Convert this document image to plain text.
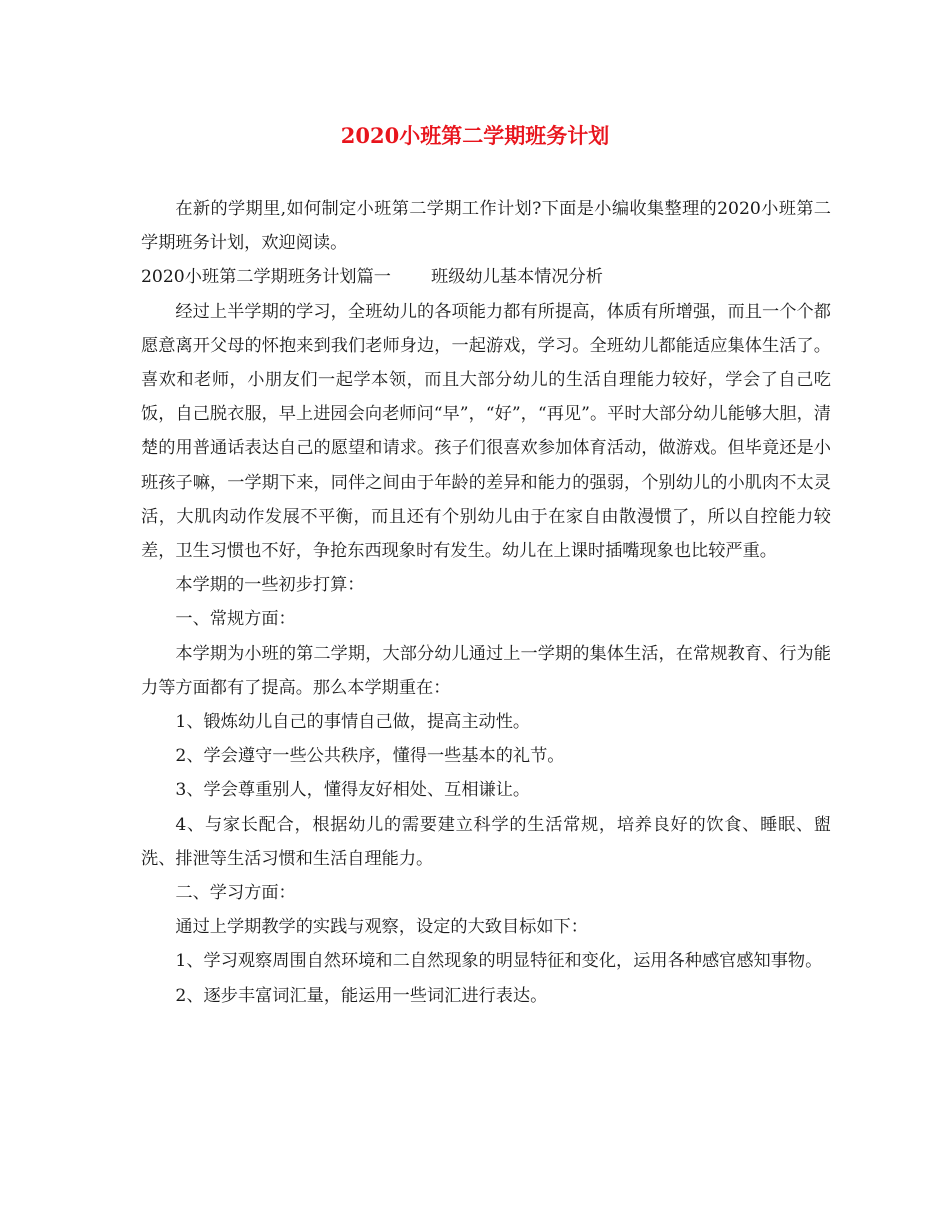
2020小班第二学期班务计划

在新的学期里,如何制定小班第二学期工作计划?下面是小编收集整理的2020小班第二学期班务计划，欢迎阅读。

2020小班第二学期班务计划篇一 班级幼儿基本情况分析

经过上半学期的学习，全班幼儿的各项能力都有所提高，体质有所增强，而且一个个都愿意离开父母的怀抱来到我们老师身边，一起游戏，学习。全班幼儿都能适应集体生活了。喜欢和老师，小朋友们一起学本领，而且大部分幼儿的生活自理能力较好，学会了自己吃饭，自己脱衣服，早上进园会向老师问“早”，“好”，“再见”。平时大部分幼儿能够大胆，清楚的用普通话表达自己的愿望和请求。孩子们很喜欢参加体育活动，做游戏。但毕竟还是小班孩子嘛，一学期下来，同伴之间由于年龄的差异和能力的强弱，个别幼儿的小肌肉不太灵活，大肌肉动作发展不平衡，而且还有个别幼儿由于在家自由散漫惯了，所以自控能力较差，卫生习惯也不好，争抢东西现象时有发生。幼儿在上课时插嘴现象也比较严重。

本学期的一些初步打算：

一、常规方面：

本学期为小班的第二学期，大部分幼儿通过上一学期的集体生活，在常规教育、行为能力等方面都有了提高。那么本学期重在：

1、锻炼幼儿自己的事情自己做，提高主动性。

2、学会遵守一些公共秩序，懂得一些基本的礼节。

3、学会尊重别人，懂得友好相处、互相谦让。

4、与家长配合，根据幼儿的需要建立科学的生活常规，培养良好的饮食、睡眠、盥洗、排泄等生活习惯和生活自理能力。

二、学习方面：

通过上学期教学的实践与观察，设定的大致目标如下：

1、学习观察周围自然环境和二自然现象的明显特征和变化，运用各种感官感知事物。

2、逐步丰富词汇量，能运用一些词汇进行表达。
